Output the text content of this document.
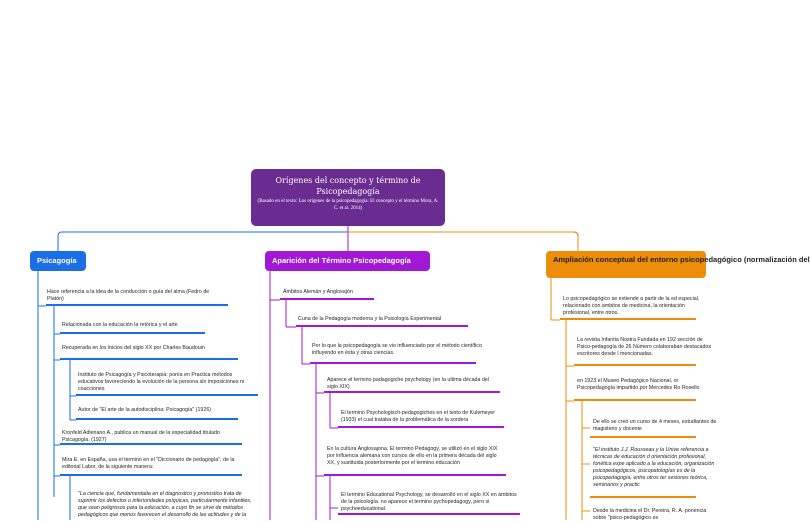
Orígenes del concepto y término de Psicopedagogía
(Basado en el texto: Los orígenes de la psicopedagogía: El concepto y el término Mora, A. C. et al. 2014)
Psicagogía	Aparición del Término Psicopedagogía	Ampliación conceptual del entorno psicopedagógico (normalización del
Hace referencia a la idea de la conducción o guía del alma (Fedro de Platón)
Relacionada con la educación la retórica y el arte
Recuperada en los inicios del siglo XX por Charles Baudouin
Instituto de Psicagogía y Psicoterapia: ponía en Practica métodos educativos favoreciendo la evolución de la persona sin imposiciones ni coacciones
Autor de "El arte de la autodisciplina: Psicagogía" (1926)
Kronfeld Adleriano A., publica un manual de la especialidad titulado Psicagogía. (1927)
Mira E. en España, usa el termino en el "Diccionario de pedagogía", de la editorial Labor, de la siguiente manera:
"La ciencia que, fundamentada en el diagnostico y pronostico trata de suprimir los defectos o inferioridades psíquicas, particularmente infantiles, que sean peligrosos para la educación, a cuyo fin se sirve de métodos pedagógicos que menos favorecen el desarrollo de las actitudes y de la
Ámbitos Alemán y Anglosajón
Cuna de la Pedagogía moderna y la Psicología Experimental
Por lo que la psicopedagogía se vio influenciado por el método científico influyendo en ésta y otras ciencias.
Aparece el termino padagogiche psychology (en la ultima década del siglo XIX)
El termino Psychologisch-pedagogiches en el texto de Kulemeyer (1933) el cual trataba de la problemática de la sordera
En la cultura Anglosajona, El termino Pedagogy, se utilizó en el siglo XIX por influencia alemana con cursos de ello en la primera década del siglo XX, y sustituida posteriormente por el termino educación
El termino Educational Psychology, se desarrolló en el siglo XX en ámbitos de la psicología. no aparece el termino pychopedagogy, pero si psychoeducational.
Lo psicopedagógico se extiende a partir de la ed especial, relacionado con ambitos de medicina, la orientación profesional, entre otros.
La revista Infantia Nostra Fundada en 192 sección de Psico-pedagogía de 26 Número colaboraban destacados escritores desde l mencionadas.
en 1923 el Museo Pedagógico Nacional, or Psicopedagogía impartido por Mercedes Ro Rosello
De ello se creó un curso de 4 meses, estudiantes de magisterio y docente
"El instituto J.J. Rousseau y la Unive referencia a técnicas de educación d orientación profesional, fonética expe aplicado a la educación, organización psicopedagógicos, psicopatologías es de la psicopedagogía, entre otros ter sesiones teórica, seminarios y practic
Desde la medicina el Dr. Pereira, R. A. ponencia sobre "psico-pedagógico es
